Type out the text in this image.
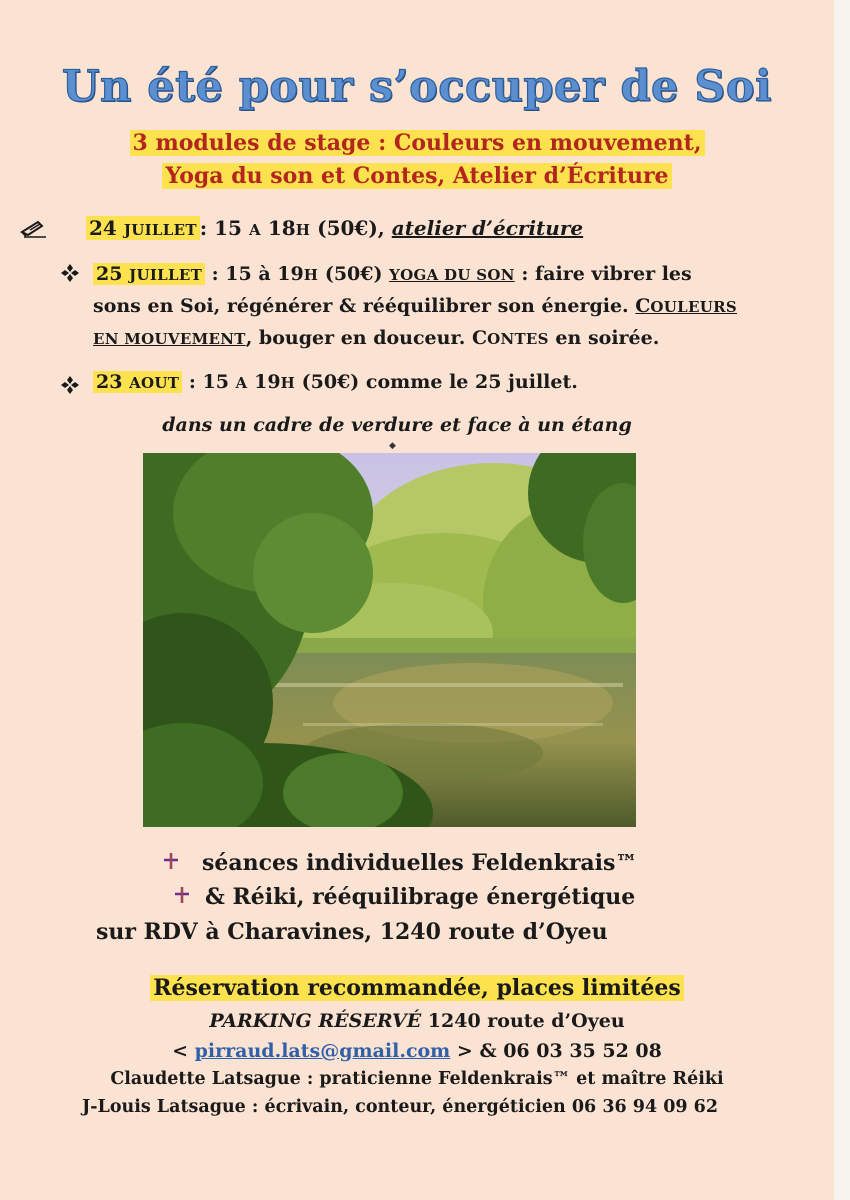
Un été pour s’occuper de Soi
3 modules de stage : Couleurs en mouvement,
Yoga du son et Contes, Atelier d’Écriture
24 JUILLET : 15 A 18H (50€), atelier d’écriture
25 JUILLET : 15 à 19H (50€) YOGA DU SON : faire vibrer les
sons en Soi, régénérer & rééquilibrer son énergie. COULEURS
EN MOUVEMENT, bouger en douceur. CONTES en soirée.
23 AOUT : 15 A 19H (50€) comme le 25 juillet.
dans un cadre de verdure et face à un étang
◆
séances individuelles Feldenkrais™
& Réiki, rééquilibrage énergétique
sur RDV à Charavines, 1240 route d’Oyeu
Réservation recommandée, places limitées
PARKING RÉSERVÉ 1240 route d’Oyeu
< pirraud.lats@gmail.com > & 06 03 35 52 08
Claudette Latsague : praticienne Feldenkrais™ et maître Réiki
J-Louis Latsague : écrivain, conteur, énergéticien 06 36 94 09 62
